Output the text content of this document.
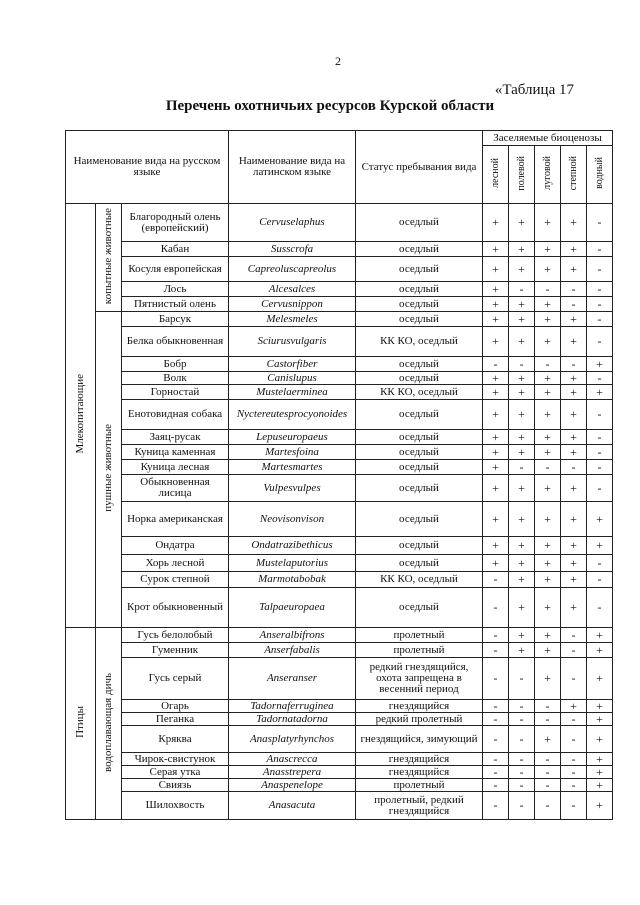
2
«Таблица 17
Перечень охотничьих ресурсов Курской области
Наименование вида на русском языке			Наименование вида на латинском языке	Статус пребывания вида	Заселяемые биоценозы				
					лесной	полевой	луговой	степной	водный
Млекопитающие	копытные животные	Благородный олень (европейский)	Cervuselaphus	оседлый	+	+	+	+	-
		Кабан	Susscrofa	оседлый	+	+	+	+	-
		Косуля европейская	Capreoluscapreolus	оседлый	+	+	+	+	-
		Лось	Alcesalces	оседлый	+	-	-	-	-
		Пятнистый олень	Cervusnippon	оседлый	+	+	+	-	-
	пушные животные	Барсук	Melesmeles	оседлый	+	+	+	+	-
		Белка обыкновенная	Sciurusvulgaris	КК КО, оседлый	+	+	+	+	-
		Бобр	Castorfiber	оседлый	-	-	-	-	+
		Волк	Canislupus	оседлый	+	+	+	+	-
		Горностай	Mustelaerminea	КК КО, оседлый	+	+	+	+	+
		Енотовидная собака	Nyctereutesprocyonoides	оседлый	+	+	+	+	-
		Заяц-русак	Lepuseuropaeus	оседлый	+	+	+	+	-
		Куница каменная	Martesfoina	оседлый	+	+	+	+	-
		Куница лесная	Martesmartes	оседлый	+	-	-	-	-
		Обыкновенная лисица	Vulpesvulpes	оседлый	+	+	+	+	-
		Норка американская	Neovisonvison	оседлый	+	+	+	+	+
		Ондатра	Ondatrazibethicus	оседлый	+	+	+	+	+
		Хорь лесной	Mustelaputorius	оседлый	+	+	+	+	-
		Сурок степной	Marmotabobak	КК КО, оседлый	-	+	+	+	-
		Крот обыкновенный	Talpaeuropaea	оседлый	-	+	+	+	-
Птицы	водоплавающая дичь	Гусь белолобый	Anseralbifrons	пролетный	-	+	+	-	+
		Гуменник	Anserfabalis	пролетный	-	+	+	-	+
		Гусь серый	Anseranser	редкий гнездящийся, охота запрещена в весенний период	-	-	+	-	+
		Огарь	Tadornaferruginea	гнездящийся	-	-	-	+	+
		Пеганка	Tadornatadorna	редкий пролетный	-	-	-	-	+
		Кряква	Anasplatyrhynchos	гнездящийся, зимующий	-	-	+	-	+
		Чирок-свистунок	Anascrecca	гнездящийся	-	-	-	-	+
		Серая утка	Anasstrepera	гнездящийся	-	-	-	-	+
		Свиязь	Anaspenelope	пролетный	-	-	-	-	+
		Шилохвость	Anasacuta	пролетный, редкий гнездящийся	-	-	-	-	+
